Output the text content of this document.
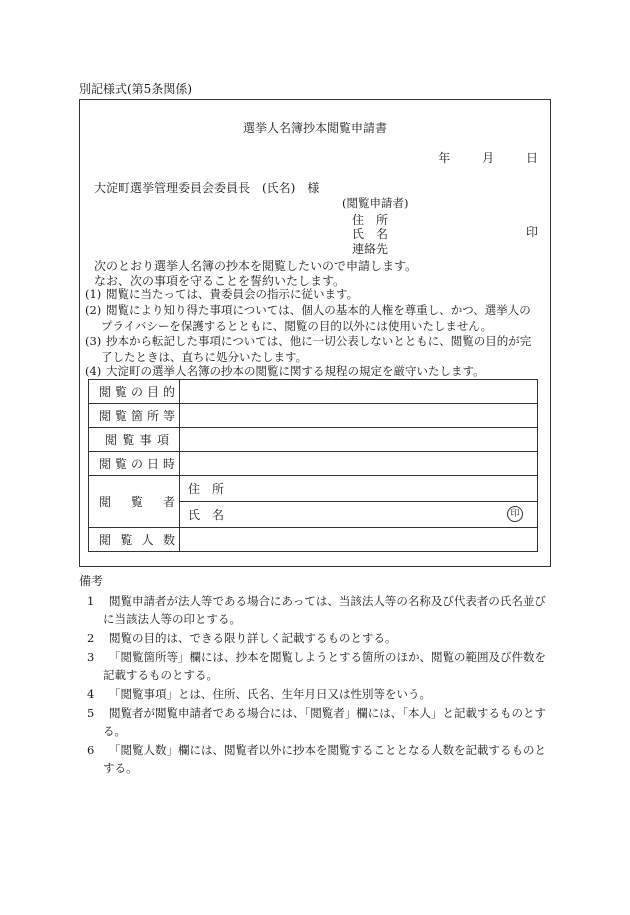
別記様式(第5条関係)
選挙人名簿抄本閲覧申請書
年	月	日
大淀町選挙管理委員会委員長　(氏名)　様
(閲覧申請者)
住　所
氏　名	印
連絡先
次のとおり選挙人名簿の抄本を閲覧したいので申請します。
なお、次の事項を守ることを誓約いたします。
(1) 閲覧に当たっては、貴委員会の指示に従います。
(2) 閲覧により知り得た事項については、個人の基本的人権を尊重し、かつ、選挙人の
プライバシーを保護するとともに、閲覧の目的以外には使用いたしません。
(3) 抄本から転記した事項については、他に一切公表しないとともに、閲覧の目的が完
了したときは、直ちに処分いたします。
(4) 大淀町の選挙人名簿の抄本の閲覧に関する規程の規定を厳守いたします。
閲 覧 の 目 的	

閲 覧 箇 所 等	

閲 覧 事 項	

閲 覧 の 日 時	

閲 覧 者	住　所
	氏　名 印

閲 覧 人 数	

備考
1 閲覧申請者が法人等である場合にあっては、当該法人等の名称及び代表者の氏名並び
に当該法人等の印とする。
2 閲覧の目的は、できる限り詳しく記載するものとする。
3 「閲覧箇所等」欄には、抄本を閲覧しようとする箇所のほか、閲覧の範囲及び件数を
記載するものとする。
4 「閲覧事項」とは、住所、氏名、生年月日又は性別等をいう。
5 閲覧者が閲覧申請者である場合には、「閲覧者」欄には、「本人」と記載するものとす
る。
6 「閲覧人数」欄には、閲覧者以外に抄本を閲覧することとなる人数を記載するものと
する。
